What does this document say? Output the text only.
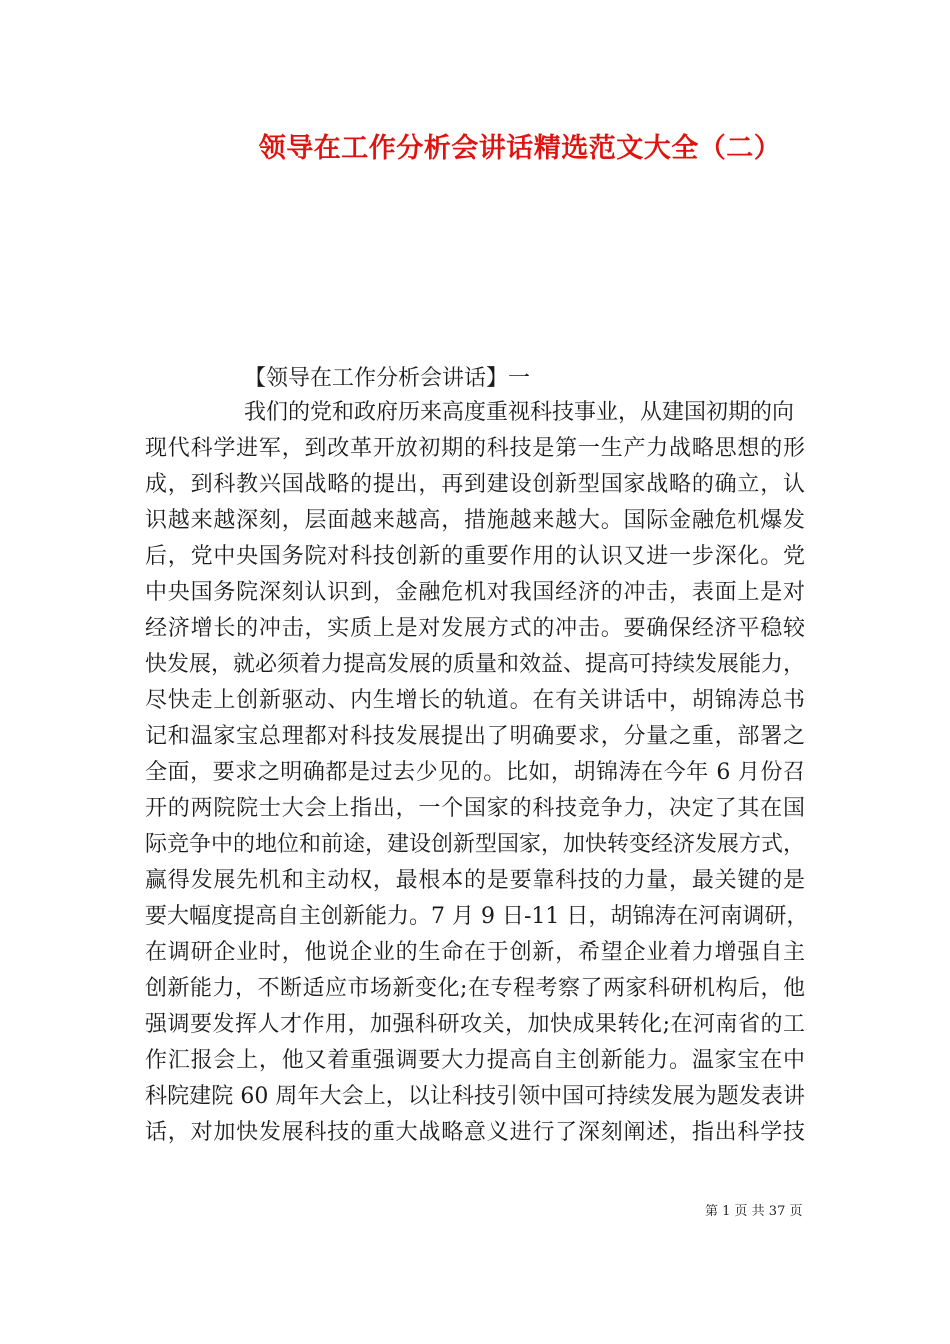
领导在工作分析会讲话精选范文大全（二）
【领导在工作分析会讲话】一
我们的党和政府历来高度重视科技事业，从建国初期的向
现代科学进军，到改革开放初期的科技是第一生产力战略思想的形
成，到科教兴国战略的提出，再到建设创新型国家战略的确立，认
识越来越深刻，层面越来越高，措施越来越大。国际金融危机爆发
后，党中央国务院对科技创新的重要作用的认识又进一步深化。党
中央国务院深刻认识到，金融危机对我国经济的冲击，表面上是对
经济增长的冲击，实质上是对发展方式的冲击。要确保经济平稳较
快发展，就必须着力提高发展的质量和效益、提高可持续发展能力，
尽快走上创新驱动、内生增长的轨道。在有关讲话中，胡锦涛总书
记和温家宝总理都对科技发展提出了明确要求，分量之重，部署之
全面，要求之明确都是过去少见的。比如，胡锦涛在今年 6 月份召
开的两院院士大会上指出，一个国家的科技竞争力，决定了其在国
际竞争中的地位和前途，建设创新型国家，加快转变经济发展方式，
赢得发展先机和主动权，最根本的是要靠科技的力量，最关键的是
要大幅度提高自主创新能力。7 月 9 日-11 日，胡锦涛在河南调研，
在调研企业时，他说企业的生命在于创新，希望企业着力增强自主
创新能力，不断适应市场新变化;在专程考察了两家科研机构后，他
强调要发挥人才作用，加强科研攻关，加快成果转化;在河南省的工
作汇报会上，他又着重强调要大力提高自主创新能力。温家宝在中
科院建院 60 周年大会上，以让科技引领中国可持续发展为题发表讲
话，对加快发展科技的重大战略意义进行了深刻阐述，指出科学技
第 1 页 共 37 页
